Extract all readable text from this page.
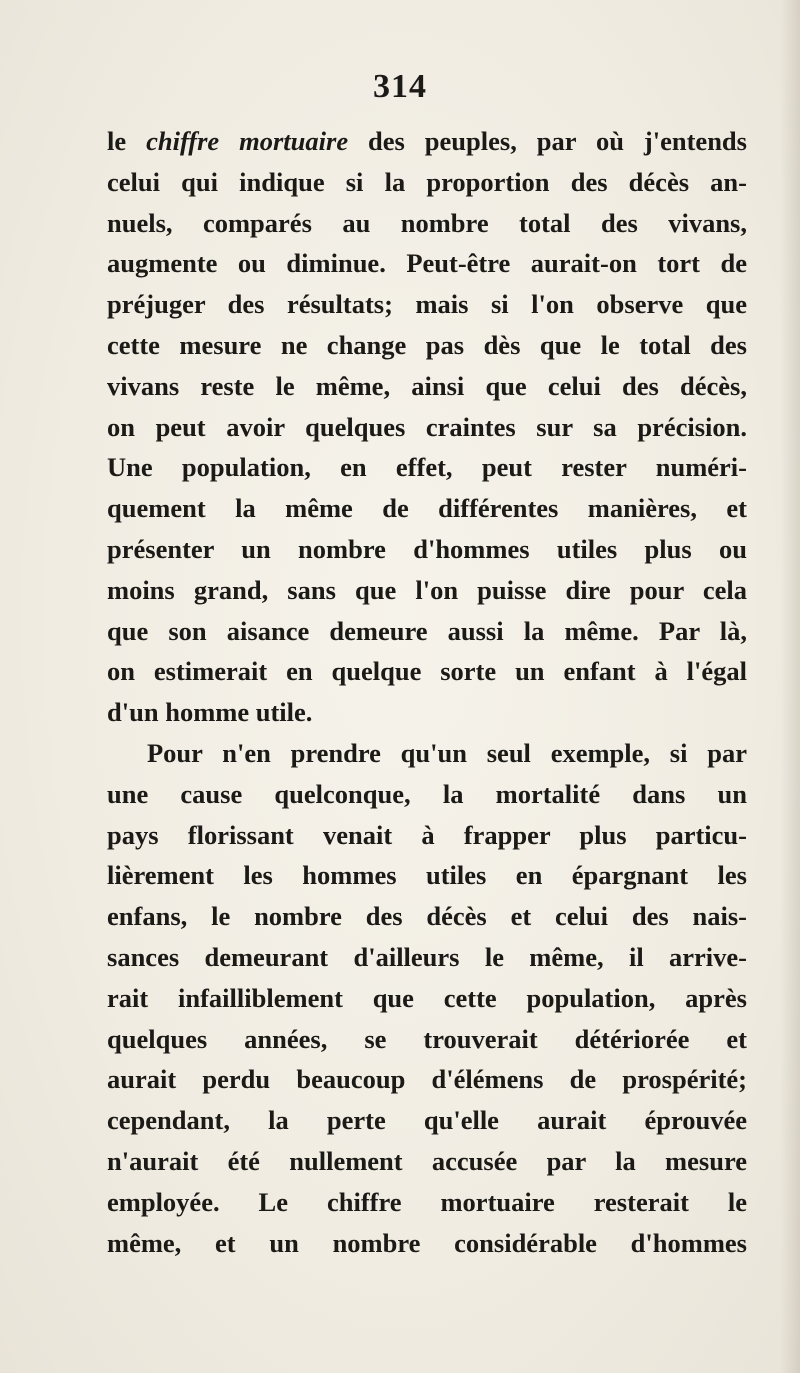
314
le chiffre mortuaire des peuples, par où j'entends
celui qui indique si la proportion des décès an-
nuels, comparés au nombre total des vivans,
augmente ou diminue. Peut-être aurait-on tort de
préjuger des résultats; mais si l'on observe que
cette mesure ne change pas dès que le total des
vivans reste le même, ainsi que celui des décès,
on peut avoir quelques craintes sur sa précision.
Une population, en effet, peut rester numéri-
quement la même de différentes manières, et
présenter un nombre d'hommes utiles plus ou
moins grand, sans que l'on puisse dire pour cela
que son aisance demeure aussi la même. Par là,
on estimerait en quelque sorte un enfant à l'égal
d'un homme utile.
Pour n'en prendre qu'un seul exemple, si par
une cause quelconque, la mortalité dans un
pays florissant venait à frapper plus particu-
lièrement les hommes utiles en épargnant les
enfans, le nombre des décès et celui des nais-
sances demeurant d'ailleurs le même, il arrive-
rait infailliblement que cette population, après
quelques années, se trouverait détériorée et
aurait perdu beaucoup d'élémens de prospérité;
cependant, la perte qu'elle aurait éprouvée
n'aurait été nullement accusée par la mesure
employée. Le chiffre mortuaire resterait le
même, et un nombre considérable d'hommes
